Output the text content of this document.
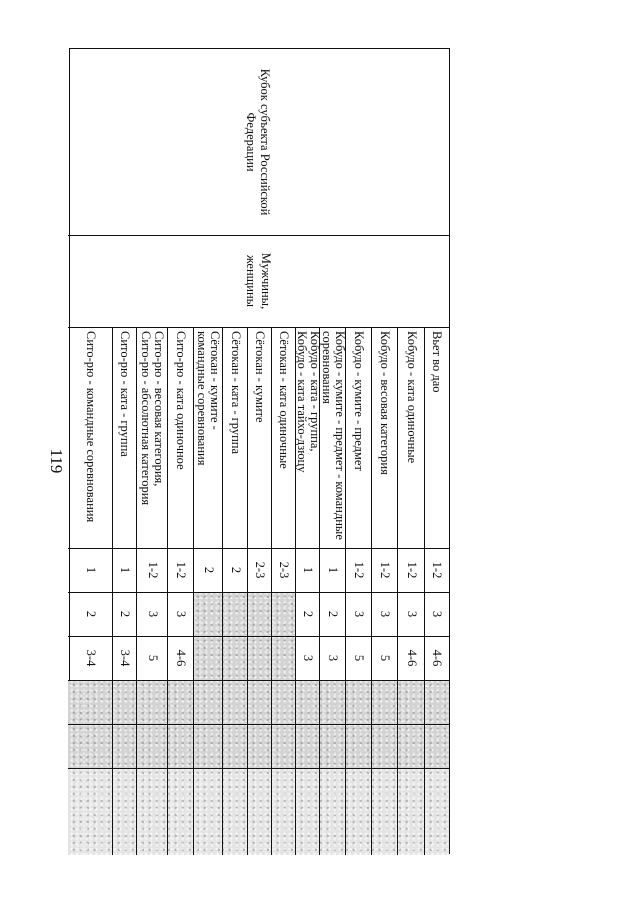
119
Кубок субъекта Российской Федерации
Мужчины, женщины
Вьет во дао
1-2
3
4-6
Кобудо - ката одиночные
1-2
3
4-6
Кобудо - весовая категория
1-2
3
5
Кобудо - кумите - предмет
1-2
3
5
Кобудо - кумите - предмет - командные
соревнования
1
2
3
Кобудо - ката - группа,
Кобудо - ката тайхо-дзюцу
1
2
3
Сётокан - ката одиночные
2-3
Сётокан - кумите
2-3
Сётокан - ката - группа
2
Сётокан - кумите -
командные соревнования
2
Сито-рю - ката одиночное
1-2
3
4-6
Сито-рю - весовая категория,
Сито-рю - абсолютная категория
1-2
3
5
Сито-рю - ката - группа
1
2
3-4
Сито-рю - командные соревнования
1
2
3-4
